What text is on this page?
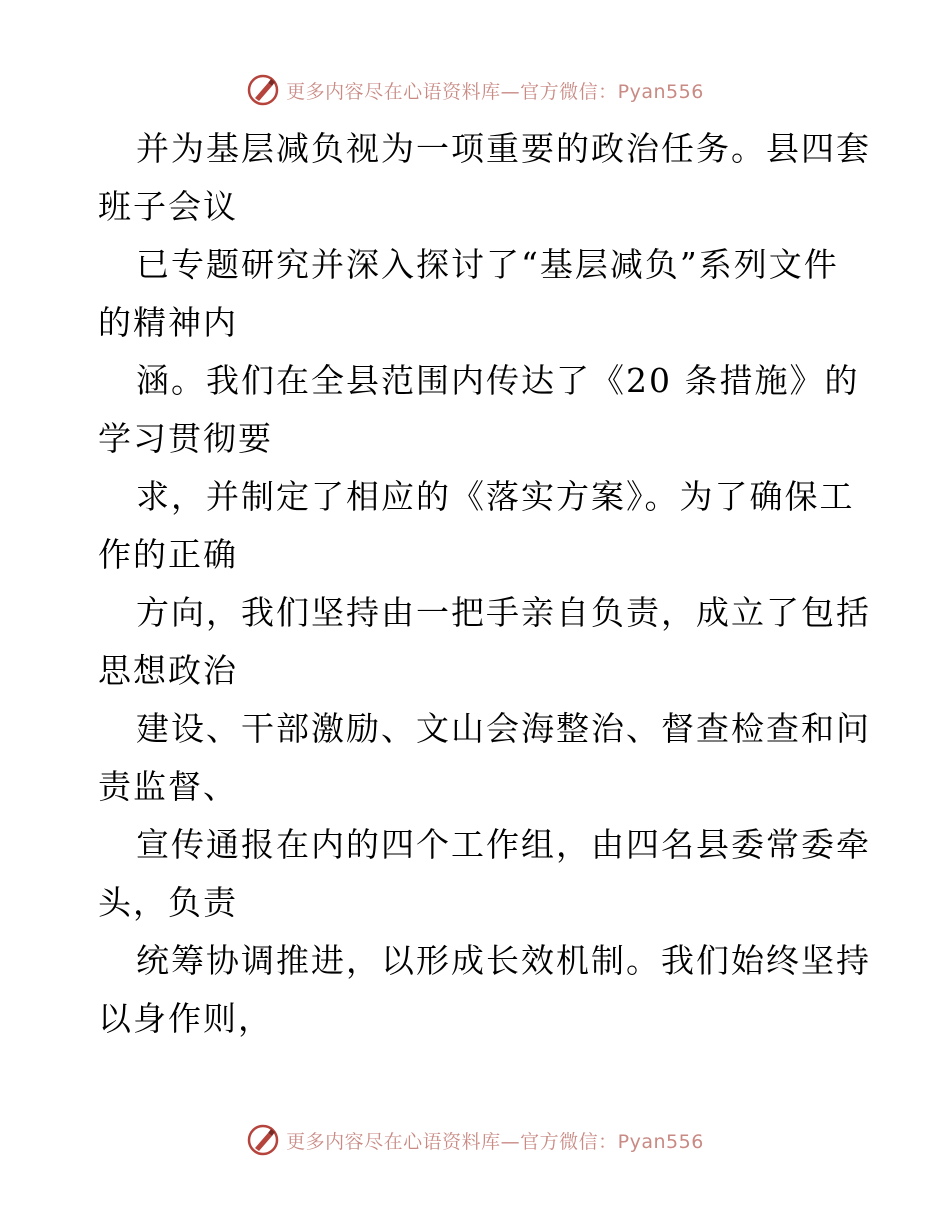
更多内容尽在心语资料库—官方微信：Pyan556

并为基层减负视为一项重要的政治任务。县四套
班子会议

已专题研究并深入探讨了“基层减负”系列文件
的精神内

涵。我们在全县范围内传达了《20 条措施》的
学习贯彻要

求，并制定了相应的《落实方案》。为了确保工
作的正确

方向，我们坚持由一把手亲自负责，成立了包括
思想政治

建设、干部激励、文山会海整治、督查检查和问
责监督、

宣传通报在内的四个工作组，由四名县委常委牵
头，负责

统筹协调推进，以形成长效机制。我们始终坚持
以身作则，

更多内容尽在心语资料库—官方微信：Pyan556
